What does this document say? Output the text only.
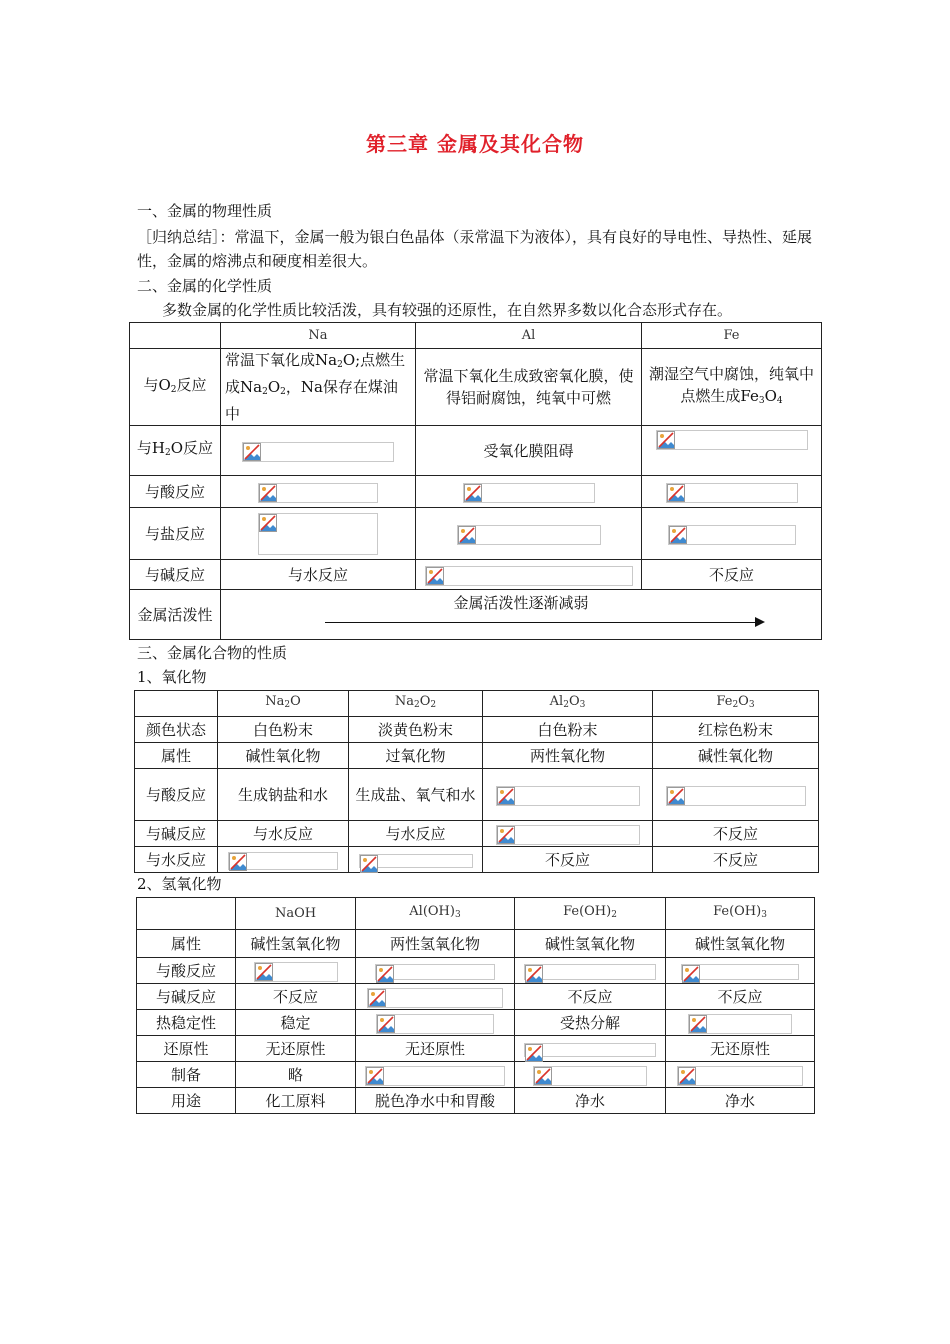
第三章 金属及其化合物
一、金属的物理性质
［归纳总结］：常温下，金属一般为银白色晶体（汞常温下为液体），具有良好的导电性、导热性、延展性，金属的熔沸点和硬度相差很大。
二、金属的化学性质
多数金属的化学性质比较活泼，具有较强的还原性，在自然界多数以化合态形式存在。
	Na	Al	Fe
与$O_2$反应	常温下氧化成$Na_2O$;点燃生成$Na_2O_2$，Na保存在煤油中	常温下氧化生成致密氧化膜，使得铝耐腐蚀，纯氧中可燃	潮湿空气中腐蚀，纯氧中点燃生成$Fe_3O_4$
与$H_2O$反应		受氧化膜阻碍	

与酸反应	

与盐反应	

与碱反应	与水反应		不反应
金属活泼性	金属活泼性逐渐减弱		
三、金属化合物的性质
1、氧化物
	$Na_2O$	$Na_2O_2$	$Al_2O_3$	$Fe_2O_3$
颜色状态	白色粉末	淡黄色粉末	白色粉末	红棕色粉末
属性	碱性氧化物	过氧化物	两性氧化物	碱性氧化物
与酸反应	生成钠盐和水	生成盐、氧气和水	

与碱反应	与水反应	与水反应		不反应
与水反应			不反应	不反应
2、氢氧化物
	NaOH	$Al(OH)_3$	$Fe(OH)_2$	$Fe(OH)_3$
属性	碱性氢氧化物	两性氢氧化物	碱性氢氧化物	碱性氢氧化物
与酸反应	

与碱反应	不反应		不反应	不反应
热稳定性	稳定		受热分解	

还原性	无还原性	无还原性		无还原性
制备	略	

用途	化工原料	脱色净水中和胃酸	净水	净水
